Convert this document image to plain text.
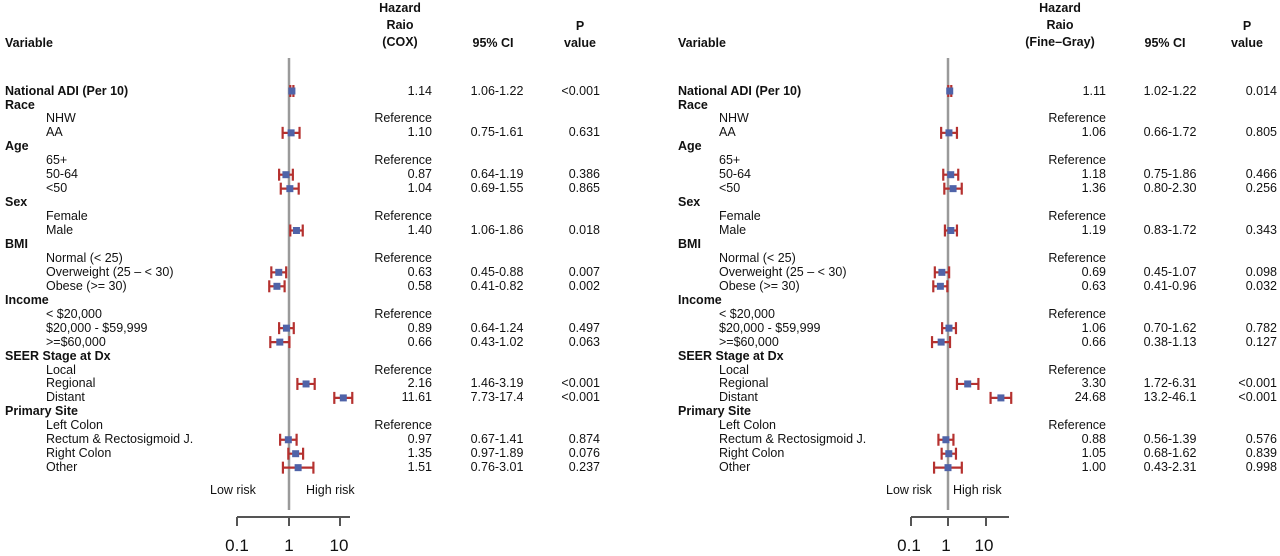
Variable
Hazard
Raio
(COX)	95% CI
P
value
National ADI (Per 10)	1.14	1.06-1.22	<0.001
Race
NHW	Reference
AA	1.10	0.75-1.61	0.631
Age
65+	Reference
50-64	0.87	0.64-1.19	0.386
<50	1.04	0.69-1.55	0.865
Sex
Female	Reference
Male	1.40	1.06-1.86	0.018
BMI
Normal (< 25)	Reference
Overweight (25 – < 30)	0.63	0.45-0.88	0.007
Obese (>= 30)	0.58	0.41-0.82	0.002
Income
< $20,000	Reference
$20,000 - $59,999	0.89	0.64-1.24	0.497
>=$60,000	0.66	0.43-1.02	0.063
SEER Stage at Dx
Local	Reference
Regional	2.16	1.46-3.19	<0.001
Distant	11.61	7.73-17.4	<0.001
Primary Site
Left Colon	Reference
Rectum & Rectosigmoid J.	0.97	0.67-1.41	0.874
Right Colon	1.35	0.97-1.89	0.076
Other	1.51	0.76-3.01	0.237
Low risk	High risk
0.1	1	10
Variable
Hazard
Raio
(Fine–Gray)	95% CI
P
value
National ADI (Per 10)	1.11	1.02-1.22	0.014
Race
NHW	Reference
AA	1.06	0.66-1.72	0.805
Age
65+	Reference
50-64	1.18	0.75-1.86	0.466
<50	1.36	0.80-2.30	0.256
Sex
Female	Reference
Male	1.19	0.83-1.72	0.343
BMI
Normal (< 25)	Reference
Overweight (25 – < 30)	0.69	0.45-1.07	0.098
Obese (>= 30)	0.63	0.41-0.96	0.032
Income
< $20,000	Reference
$20,000 - $59,999	1.06	0.70-1.62	0.782
>=$60,000	0.66	0.38-1.13	0.127
SEER Stage at Dx
Local	Reference
Regional	3.30	1.72-6.31	<0.001
Distant	24.68	13.2-46.1	<0.001
Primary Site
Left Colon	Reference
Rectum & Rectosigmoid J.	0.88	0.56-1.39	0.576
Right Colon	1.05	0.68-1.62	0.839
Other	1.00	0.43-2.31	0.998
Low risk High risk
0.1	1	10
